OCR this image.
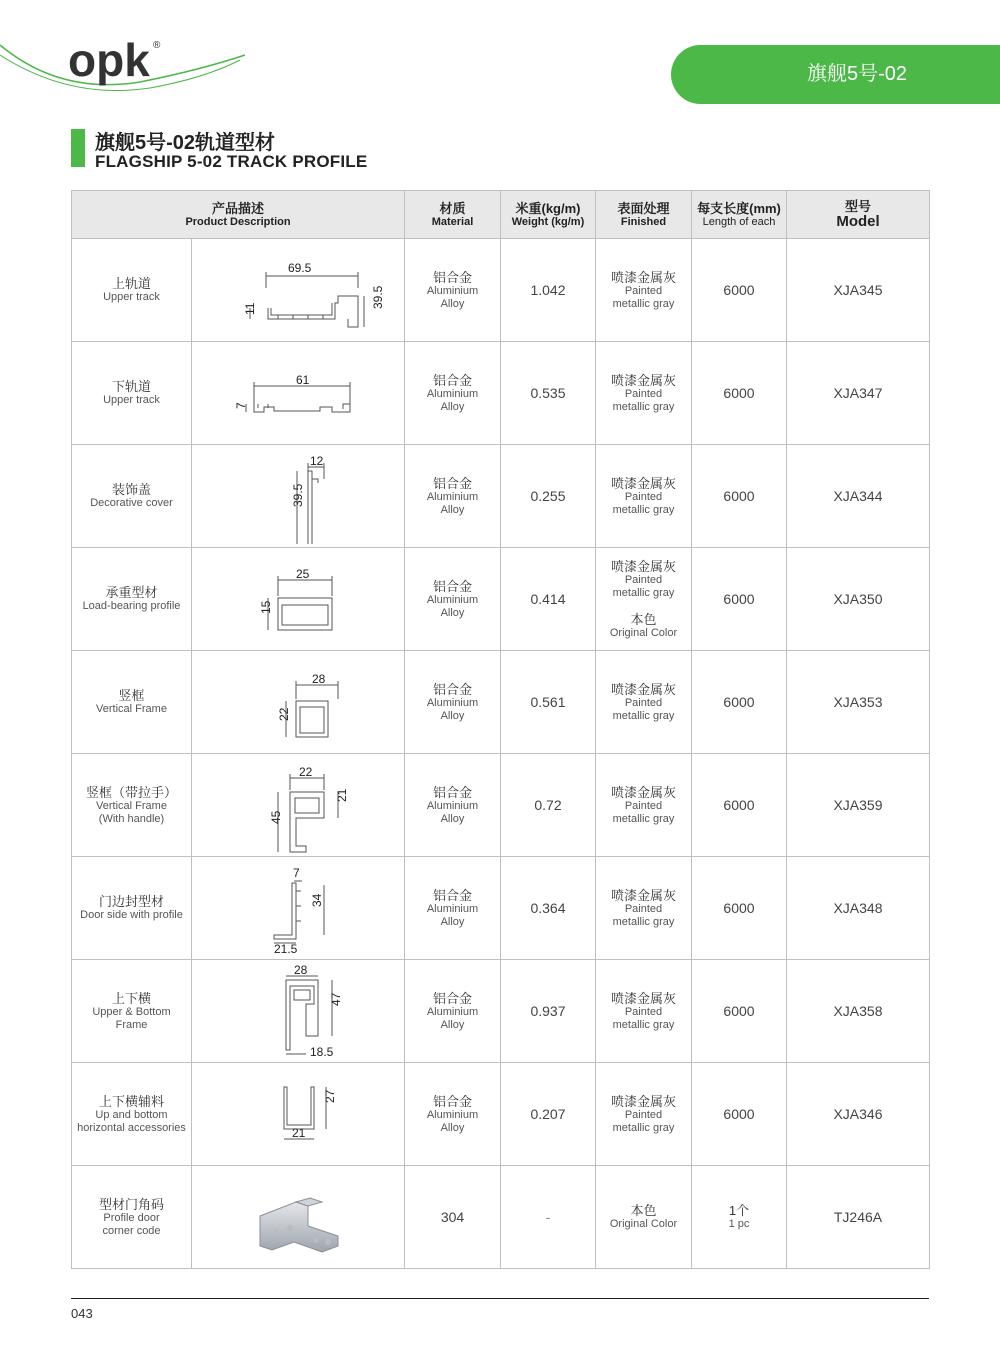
opk ®
旗舰5号-02
旗舰5号-02轨道型材
FLAGSHIP 5-02 TRACK PROFILE
产品描述
Product Description		材质
Material	米重(kg/m)
Weight (kg/m)	表面处理
Finished	每支长度(mm)
Length of each	型号
Model

上轨道
Upper track	69.5
11 39.5	铝合金
Aluminium
Alloy	1.042	喷漆金属灰
Painted
metallic gray	6000	XJA345

下轨道
Upper track	61
7	铝合金
Aluminium
Alloy	0.535	喷漆金属灰
Painted
metallic gray	6000	XJA347

装饰盖
Decorative cover	12
39.5	铝合金
Aluminium
Alloy	0.255	喷漆金属灰
Painted
metallic gray	6000	XJA344

承重型材
Load-bearing profile	25
15	铝合金
Aluminium
Alloy	0.414	喷漆金属灰
Painted
metallic gray
本色
Original Color	6000	XJA350

竖框
Vertical Frame	28
22	铝合金
Aluminium
Alloy	0.561	喷漆金属灰
Painted
metallic gray	6000	XJA353

竖框（带拉手）
Vertical Frame
(With handle)	22
21
45	铝合金
Aluminium
Alloy	0.72	喷漆金属灰
Painted
metallic gray	6000	XJA359

门边封型材
Door side with profile	7
34
21.5	铝合金
Aluminium
Alloy	0.364	喷漆金属灰
Painted
metallic gray	6000	XJA348

上下横
Upper & Bottom
Frame	28
47
18.5	铝合金
Aluminium
Alloy	0.937	喷漆金属灰
Painted
metallic gray	6000	XJA358

上下横辅料
Up and bottom
horizontal accessories	27
21	铝合金
Aluminium
Alloy	0.207	喷漆金属灰
Painted
metallic gray	6000	XJA346

型材门角码
Profile door
corner code		304	-	本色
Original Color	1个
1 pc	TJ246A
043
